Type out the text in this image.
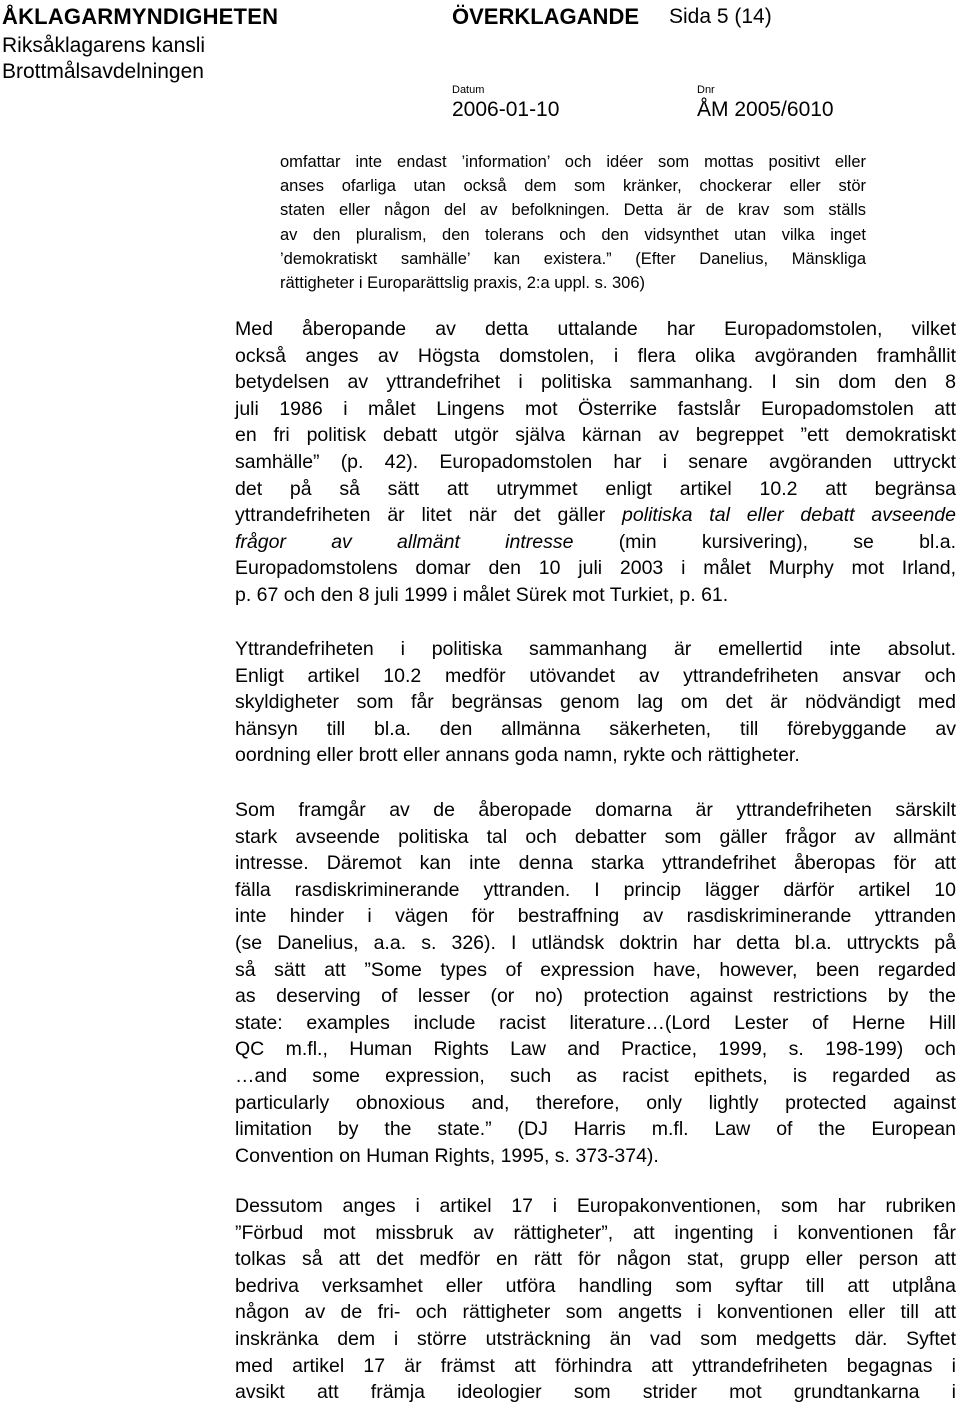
ÅKLAGARMYNDIGHETEN
Riksåklagarens kansli
Brottmålsavdelningen
ÖVERKLAGANDE Sida 5 (14)
Datum
2006-01-10
Dnr
ÅM 2005/6010
omfattar inte endast ’information’ och idéer som mottas positivt eller
anses ofarliga utan också dem som kränker, chockerar eller stör
staten eller någon del av befolkningen. Detta är de krav som ställs
av den pluralism, den tolerans och den vidsynthet utan vilka inget
’demokratiskt samhälle’ kan existera.” (Efter Danelius, Mänskliga
rättigheter i Europarättslig praxis, 2:a uppl. s. 306)
Med åberopande av detta uttalande har Europadomstolen, vilket
också anges av Högsta domstolen, i flera olika avgöranden framhållit
betydelsen av yttrandefrihet i politiska sammanhang. I sin dom den 8
juli 1986 i målet Lingens mot Österrike fastslår Europadomstolen att
en fri politisk debatt utgör själva kärnan av begreppet ”ett demokratiskt
samhälle” (p. 42). Europadomstolen har i senare avgöranden uttryckt
det på så sätt att utrymmet enligt artikel 10.2 att begränsa
yttrandefriheten är litet när det gäller politiska tal eller debatt avseende
frågor av allmänt intresse (min kursivering), se bl.a.
Europadomstolens domar den 10 juli 2003 i målet Murphy mot Irland,
p. 67 och den 8 juli 1999 i målet Sürek mot Turkiet, p. 61.
Yttrandefriheten i politiska sammanhang är emellertid inte absolut.
Enligt artikel 10.2 medför utövandet av yttrandefriheten ansvar och
skyldigheter som får begränsas genom lag om det är nödvändigt med
hänsyn till bl.a. den allmänna säkerheten, till förebyggande av
oordning eller brott eller annans goda namn, rykte och rättigheter.
Som framgår av de åberopade domarna är yttrandefriheten särskilt
stark avseende politiska tal och debatter som gäller frågor av allmänt
intresse. Däremot kan inte denna starka yttrandefrihet åberopas för att
fälla rasdiskriminerande yttranden. I princip lägger därför artikel 10
inte hinder i vägen för bestraffning av rasdiskriminerande yttranden
(se Danelius, a.a. s. 326). I utländsk doktrin har detta bl.a. uttryckts på
så sätt att ”Some types of expression have, however, been regarded
as deserving of lesser (or no) protection against restrictions by the
state: examples include racist literature…(Lord Lester of Herne Hill
QC m.fl., Human Rights Law and Practice, 1999, s. 198-199) och
…and some expression, such as racist epithets, is regarded as
particularly obnoxious and, therefore, only lightly protected against
limitation by the state.” (DJ Harris m.fl. Law of the European
Convention on Human Rights, 1995, s. 373-374).
Dessutom anges i artikel 17 i Europakonventionen, som har rubriken
”Förbud mot missbruk av rättigheter”, att ingenting i konventionen får
tolkas så att det medför en rätt för någon stat, grupp eller person att
bedriva verksamhet eller utföra handling som syftar till att utplåna
någon av de fri- och rättigheter som angetts i konventionen eller till att
inskränka dem i större utsträckning än vad som medgetts där. Syftet
med artikel 17 är främst att förhindra att yttrandefriheten begagnas i
avsikt att främja ideologier som strider mot grundtankarna i
